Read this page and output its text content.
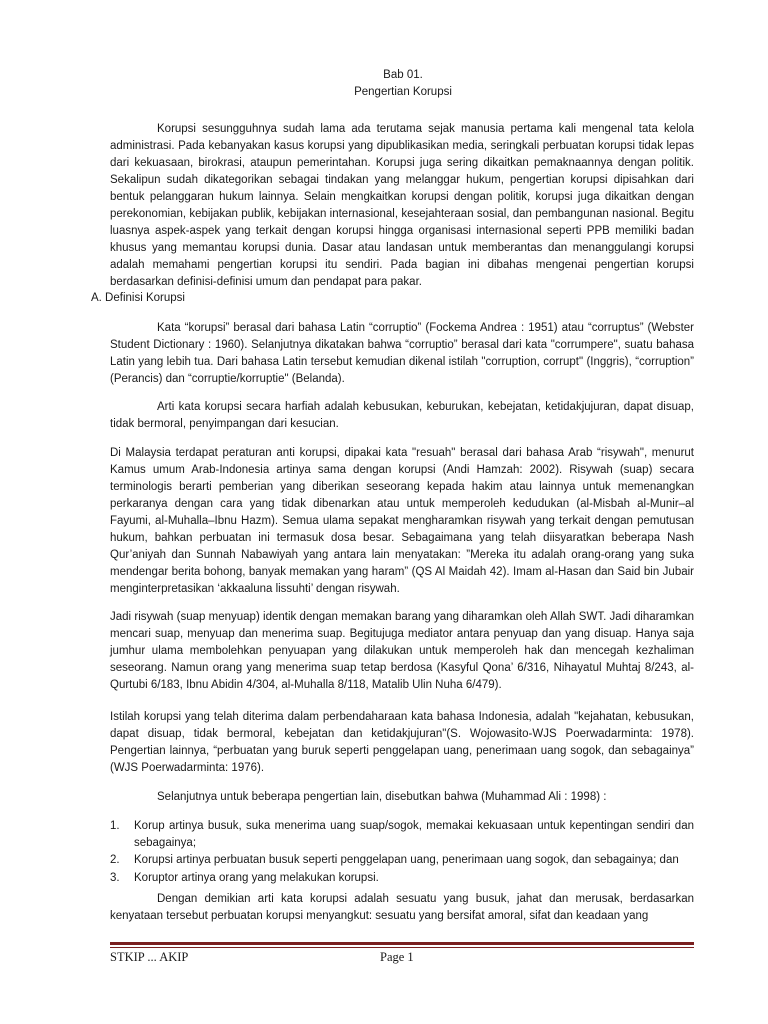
Bab 01.
Pengertian Korupsi

Korupsi sesungguhnya sudah lama ada terutama sejak manusia pertama kali mengenal tata kelola administrasi. Pada kebanyakan kasus korupsi yang dipublikasikan media, seringkali perbuatan korupsi tidak lepas dari kekuasaan, birokrasi, ataupun pemerintahan. Korupsi juga sering dikaitkan pemaknaannya dengan politik. Sekalipun sudah dikategorikan sebagai tindakan yang melanggar hukum, pengertian korupsi dipisahkan dari bentuk pelanggaran hukum lainnya. Selain mengkaitkan korupsi dengan politik, korupsi juga dikaitkan dengan perekonomian, kebijakan publik, kebijakan internasional, kesejahteraan sosial, dan pembangunan nasional. Begitu luasnya aspek-aspek yang terkait dengan korupsi hingga organisasi internasional seperti PPB memiliki badan khusus yang memantau korupsi dunia. Dasar atau landasan untuk memberantas dan menanggulangi korupsi adalah memahami pengertian korupsi itu sendiri. Pada bagian ini dibahas mengenai pengertian korupsi berdasarkan definisi-definisi umum dan pendapat para pakar.

A. Definisi Korupsi

Kata “korupsi” berasal dari bahasa Latin “corruptio” (Fockema Andrea : 1951) atau “corruptus” (Webster Student Dictionary : 1960). Selanjutnya dikatakan bahwa “corruptio” berasal dari kata "corrumpere", suatu bahasa Latin yang lebih tua. Dari bahasa Latin tersebut kemudian dikenal istilah "corruption, corrupt" (Inggris), “corruption” (Perancis) dan “corruptie/korruptie" (Belanda).

Arti kata korupsi secara harfiah adalah kebusukan, keburukan, kebejatan, ketidakjujuran, dapat disuap, tidak bermoral, penyimpangan dari kesucian.

Di Malaysia terdapat peraturan anti korupsi, dipakai kata "resuah" berasal dari bahasa Arab “risywah", menurut Kamus umum Arab-Indonesia artinya sama dengan korupsi (Andi Hamzah: 2002). Risywah (suap) secara terminologis berarti pemberian yang diberikan seseorang kepada hakim atau lainnya untuk memenangkan perkaranya dengan cara yang tidak dibenarkan atau untuk memperoleh kedudukan (al-Misbah al-Munir–al Fayumi, al-Muhalla–Ibnu Hazm). Semua ulama sepakat mengharamkan risywah yang terkait dengan pemutusan hukum, bahkan perbuatan ini termasuk dosa besar. Sebagaimana yang telah diisyaratkan beberapa Nash Qur’aniyah dan Sunnah Nabawiyah yang antara lain menyatakan: ”Mereka itu adalah orang-orang yang suka mendengar berita bohong, banyak memakan yang haram” (QS Al Maidah 42). Imam al-Hasan dan Said bin Jubair menginterpretasikan ‘akkaaluna lissuhti’ dengan risywah.

Jadi risywah (suap menyuap) identik dengan memakan barang yang diharamkan oleh Allah SWT. Jadi diharamkan mencari suap, menyuap dan menerima suap. Begitujuga mediator antara penyuap dan yang disuap. Hanya saja jumhur ulama membolehkan penyuapan yang dilakukan untuk memperoleh hak dan mencegah kezhaliman seseorang. Namun orang yang menerima suap tetap berdosa (Kasyful Qona’ 6/316, Nihayatul Muhtaj 8/243, al-Qurtubi 6/183, Ibnu Abidin 4/304, al-Muhalla 8/118, Matalib Ulin Nuha 6/479).

Istilah korupsi yang telah diterima dalam perbendaharaan kata bahasa Indonesia, adalah "kejahatan, kebusukan, dapat disuap, tidak bermoral, kebejatan dan ketidakjujuran"(S. Wojowasito-WJS Poerwadarminta: 1978). Pengertian lainnya, “perbuatan yang buruk seperti penggelapan uang, penerimaan uang sogok, dan sebagainya” (WJS Poerwadarminta: 1976).

Selanjutnya untuk beberapa pengertian lain, disebutkan bahwa (Muhammad Ali : 1998) :

1.	Korup artinya busuk, suka menerima uang suap/sogok, memakai kekuasaan untuk kepentingan sendiri dan sebagainya;
2.	Korupsi artinya perbuatan busuk seperti penggelapan uang, penerimaan uang sogok, dan sebagainya; dan
3.	Koruptor artinya orang yang melakukan korupsi.

Dengan demikian arti kata korupsi adalah sesuatu yang busuk, jahat dan merusak, berdasarkan kenyataan tersebut perbuatan korupsi menyangkut: sesuatu yang bersifat amoral, sifat dan keadaan yang

STKIP ... AKIP	Page 1
